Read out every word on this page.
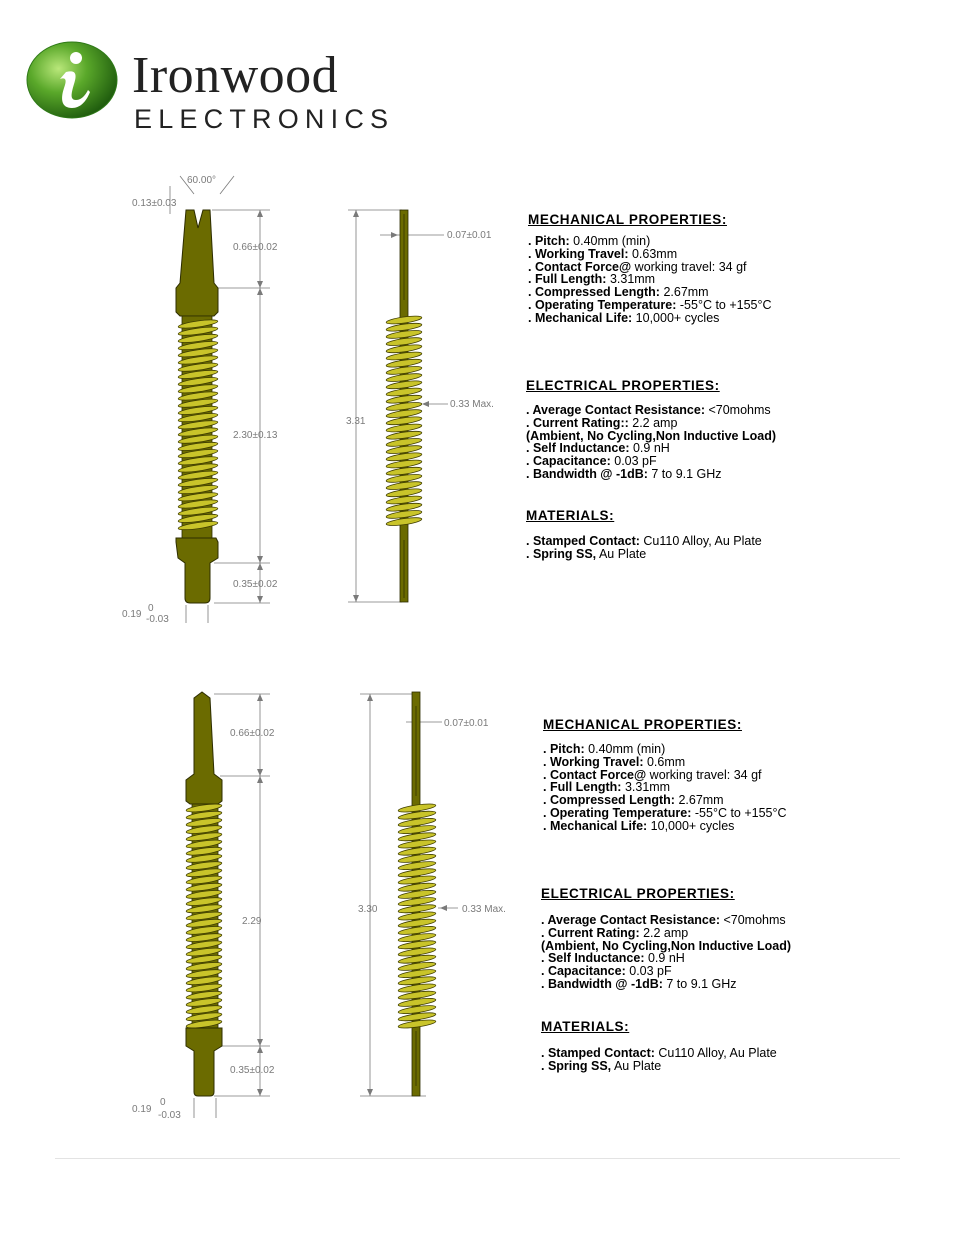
Ironwood
ELECTRONICS
60.00°
0.13±0.03
0.66±0.02
2.30±0.13
0.35±0.02
0.19
0
-0.03
0.07±0.01
3.31
0.33 Max.
MECHANICAL PROPERTIES:
. Pitch: 0.40mm (min)
. Working Travel: 0.63mm
. Contact Force@ working travel: 34 gf
. Full Length: 3.31mm
. Compressed Length: 2.67mm
. Operating Temperature: -55°C to +155°C
. Mechanical Life: 10,000+ cycles
ELECTRICAL PROPERTIES:
. Average Contact Resistance: <70mohms
. Current Rating:: 2.2 amp
(Ambient, No Cycling,Non Inductive Load)
. Self Inductance: 0.9 nH
. Capacitance: 0.03 pF
. Bandwidth @ -1dB: 7 to 9.1 GHz
MATERIALS:
. Stamped Contact: Cu110 Alloy, Au Plate
. Spring SS, Au Plate
0.66±0.02
2.29
0.35±0.02
0.19
0
-0.03
0.07±0.01
3.30	0.33 Max.
MECHANICAL PROPERTIES:
. Pitch: 0.40mm (min)
. Working Travel: 0.6mm
. Contact Force@ working travel: 34 gf
. Full Length: 3.31mm
. Compressed Length: 2.67mm
. Operating Temperature: -55°C to +155°C
. Mechanical Life: 10,000+ cycles
ELECTRICAL PROPERTIES:
. Average Contact Resistance: <70mohms
. Current Rating: 2.2 amp
(Ambient, No Cycling,Non Inductive Load)
. Self Inductance: 0.9 nH
. Capacitance: 0.03 pF
. Bandwidth @ -1dB: 7 to 9.1 GHz
MATERIALS:
. Stamped Contact: Cu110 Alloy, Au Plate
. Spring SS, Au Plate
